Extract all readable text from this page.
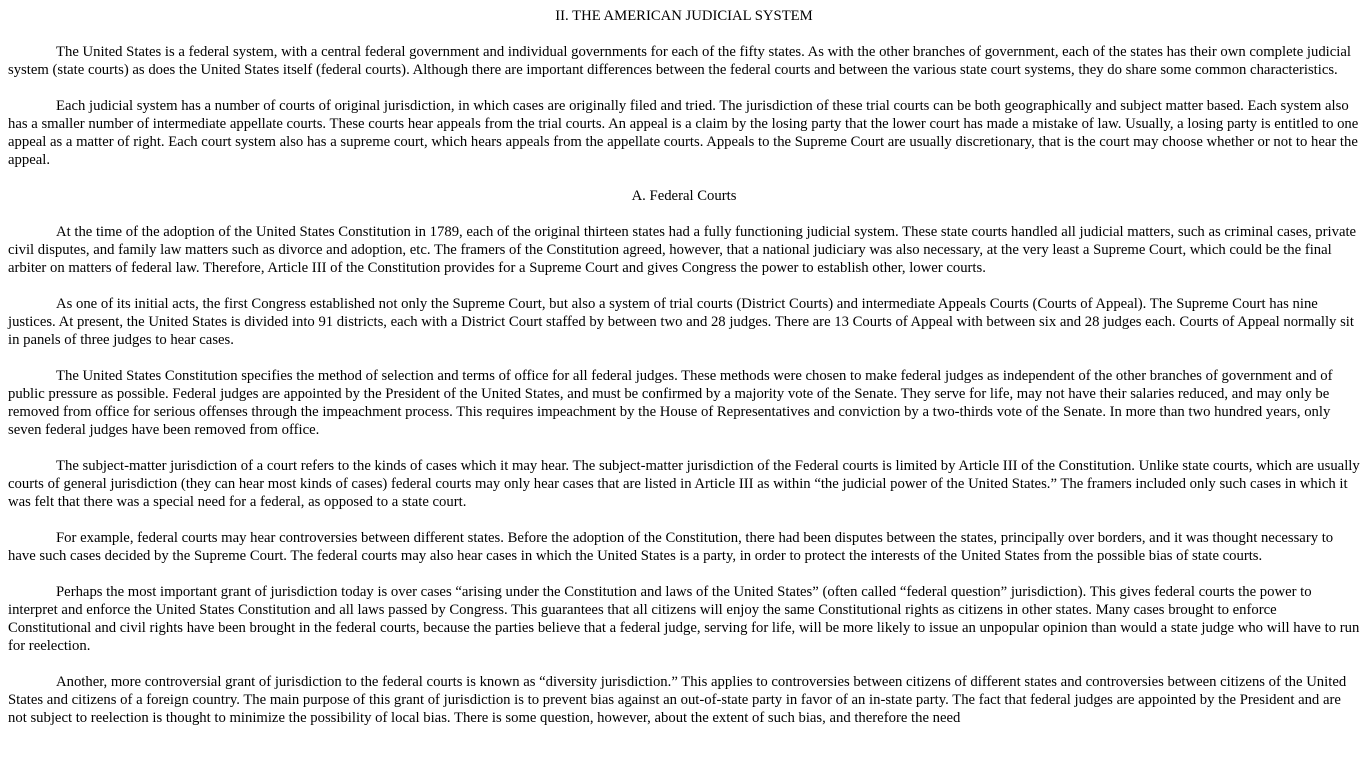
II. THE AMERICAN JUDICIAL SYSTEM

The United States is a federal system, with a central federal government and individual governments for each of the fifty states. As with the other branches of government, each of the states has their own complete judicial system (state courts) as does the United States itself (federal courts). Although there are important differences between the federal courts and between the various state court systems, they do share some common characteristics.

Each judicial system has a number of courts of original jurisdiction, in which cases are originally filed and tried. The jurisdiction of these trial courts can be both geographically and subject matter based. Each system also has a smaller number of intermediate appellate courts. These courts hear appeals from the trial courts. An appeal is a claim by the losing party that the lower court has made a mistake of law. Usually, a losing party is entitled to one appeal as a matter of right. Each court system also has a supreme court, which hears appeals from the appellate courts. Appeals to the Supreme Court are usually discretionary, that is the court may choose whether or not to hear the appeal.

A. Federal Courts

At the time of the adoption of the United States Constitution in 1789, each of the original thirteen states had a fully functioning judicial system. These state courts handled all judicial matters, such as criminal cases, private civil disputes, and family law matters such as divorce and adoption, etc. The framers of the Constitution agreed, however, that a national judiciary was also necessary, at the very least a Supreme Court, which could be the final arbiter on matters of federal law. Therefore, Article III of the Constitution provides for a Supreme Court and gives Congress the power to establish other, lower courts.

As one of its initial acts, the first Congress established not only the Supreme Court, but also a system of trial courts (District Courts) and intermediate Appeals Courts (Courts of Appeal). The Supreme Court has nine justices. At present, the United States is divided into 91 districts, each with a District Court staffed by between two and 28 judges. There are 13 Courts of Appeal with between six and 28 judges each. Courts of Appeal normally sit in panels of three judges to hear cases.

The United States Constitution specifies the method of selection and terms of office for all federal judges. These methods were chosen to make federal judges as independent of the other branches of government and of public pressure as possible. Federal judges are appointed by the President of the United States, and must be confirmed by a majority vote of the Senate. They serve for life, may not have their salaries reduced, and may only be removed from office for serious offenses through the impeachment process. This requires impeachment by the House of Representatives and conviction by a two-thirds vote of the Senate. In more than two hundred years, only seven federal judges have been removed from office.

The subject-matter jurisdiction of a court refers to the kinds of cases which it may hear. The subject-matter jurisdiction of the Federal courts is limited by Article III of the Constitution. Unlike state courts, which are usually courts of general jurisdiction (they can hear most kinds of cases) federal courts may only hear cases that are listed in Article III as within “the judicial power of the United States.” The framers included only such cases in which it was felt that there was a special need for a federal, as opposed to a state court.

For example, federal courts may hear controversies between different states. Before the adoption of the Constitution, there had been disputes between the states, principally over borders, and it was thought necessary to have such cases decided by the Supreme Court. The federal courts may also hear cases in which the United States is a party, in order to protect the interests of the United States from the possible bias of state courts.

Perhaps the most important grant of jurisdiction today is over cases “arising under the Constitution and laws of the United States” (often called “federal question” jurisdiction). This gives federal courts the power to interpret and enforce the United States Constitution and all laws passed by Congress. This guarantees that all citizens will enjoy the same Constitutional rights as citizens in other states. Many cases brought to enforce Constitutional and civil rights have been brought in the federal courts, because the parties believe that a federal judge, serving for life, will be more likely to issue an unpopular opinion than would a state judge who will have to run for reelection.

Another, more controversial grant of jurisdiction to the federal courts is known as “diversity jurisdiction.” This applies to controversies between citizens of different states and controversies between citizens of the United States and citizens of a foreign country. The main purpose of this grant of jurisdiction is to prevent bias against an out-of-state party in favor of an in-state party. The fact that federal judges are appointed by the President and are not subject to reelection is thought to minimize the possibility of local bias. There is some question, however, about the extent of such bias, and therefore the need
